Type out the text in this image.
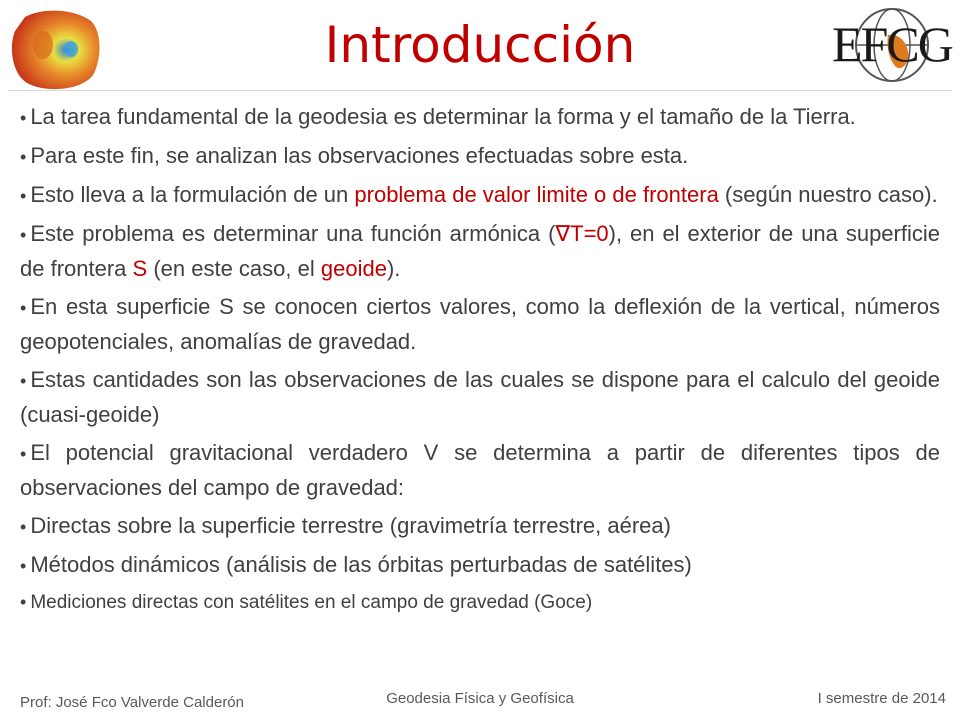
Introducción	EFCG
• La tarea fundamental de la geodesia es determinar la forma y el tamaño de la Tierra.
• Para este fin, se analizan las observaciones efectuadas sobre esta.
• Esto lleva a la formulación de un problema de valor limite o de frontera (según nuestro caso).
• Este problema es determinar una función armónica (∇T=0), en el exterior de una superficie de frontera S (en este caso, el geoide).
• En esta superficie S se conocen ciertos valores, como la deflexión de la vertical, números geopotenciales, anomalías de gravedad.
• Estas cantidades son las observaciones de las cuales se dispone para el calculo del geoide (cuasi-geoide)
• El potencial gravitacional verdadero V se determina a partir de diferentes tipos de observaciones del campo de gravedad:
• Directas sobre la superficie terrestre (gravimetría terrestre, aérea)
• Métodos dinámicos (análisis de las órbitas perturbadas de satélites)
• Mediciones directas con satélites en el campo de gravedad (Goce)
Prof: José Fco Valverde Calderón	Geodesia Física y Geofísica	I semestre de 2014
